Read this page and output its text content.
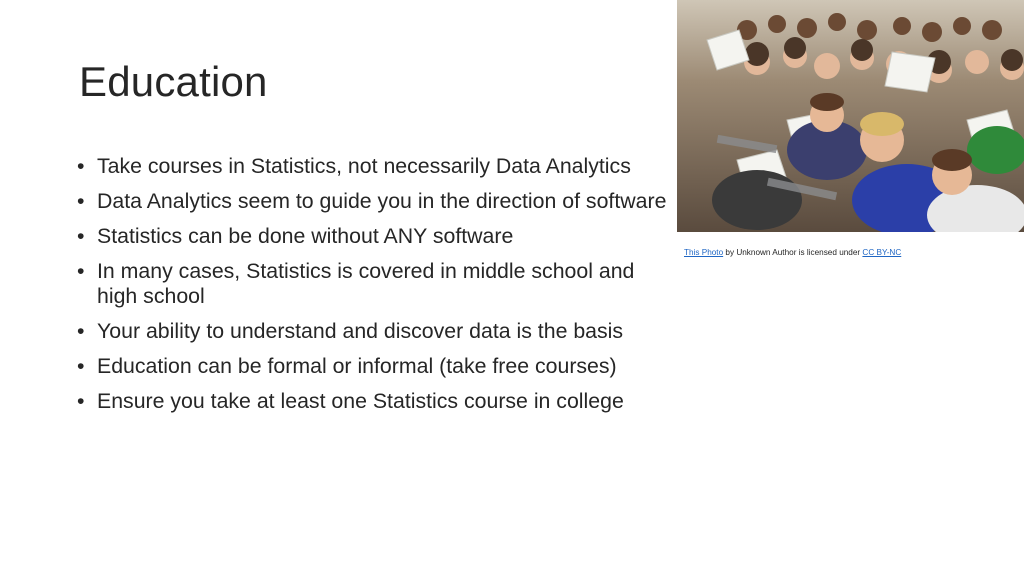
Education
• Take courses in Statistics, not necessarily Data Analytics
• Data Analytics seem to guide you in the direction of software
• Statistics can be done without ANY software
• In many cases, Statistics is covered in middle school and high school
• Your ability to understand and discover data is the basis
• Education can be formal or informal (take free courses)
• Ensure you take at least one Statistics course in college
This Photo by Unknown Author is licensed under CC BY-NC
